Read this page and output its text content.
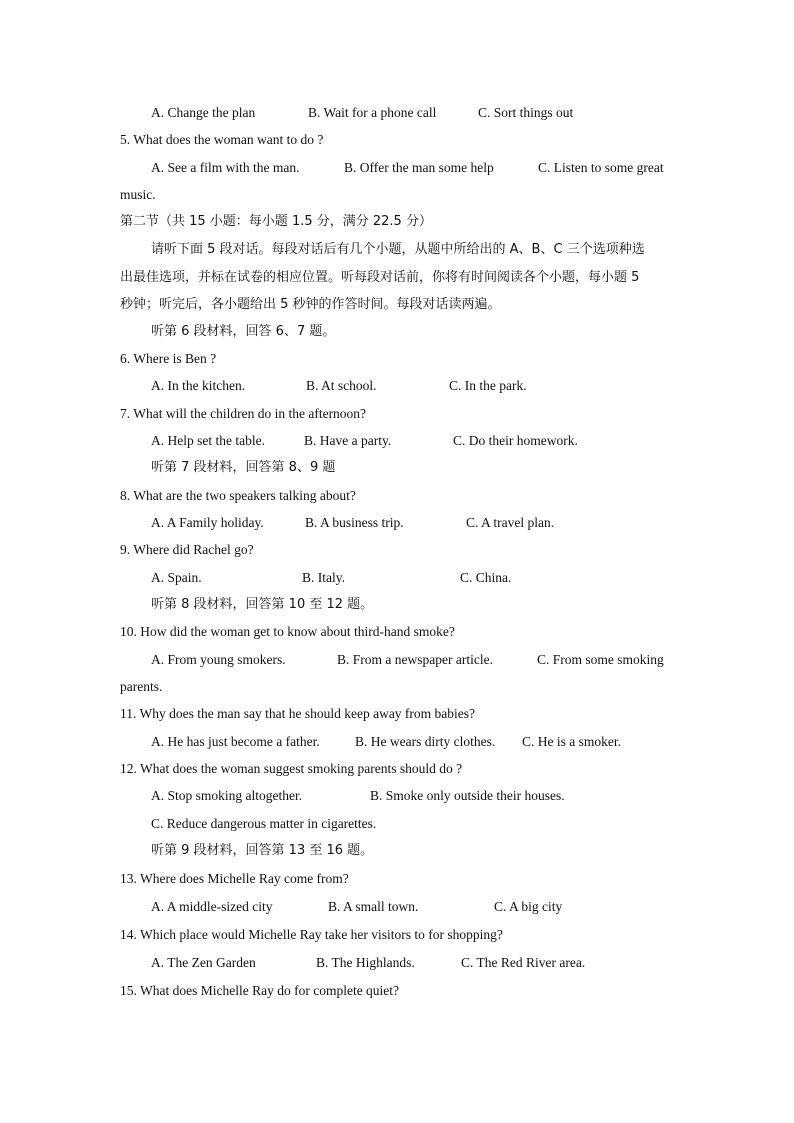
A. Change the plan	B. Wait for a phone call	C. Sort things out
5. What does the woman want to do ?
A. See a film with the man.	B. Offer the man some help	C. Listen to some great
music.
第二节（共 15 小题：每小题 1.5 分，满分 22.5 分）
请听下面 5 段对话。每段对话后有几个小题，从题中所给出的 A、B、C 三个选项种选
出最佳选项，并标在试卷的相应位置。听每段对话前，你将有时间阅读各个小题，每小题 5
秒钟；听完后，各小题给出 5 秒钟的作答时间。每段对话读两遍。
听第 6 段材料，回答 6、7 题。
6. Where is Ben ?
A. In the kitchen.	B. At school.	C. In the park.
7. What will the children do in the afternoon?
A. Help set the table.	B. Have a party.	C. Do their homework.
听第 7 段材料，回答第 8、9 题
8. What are the two speakers talking about?
A. A Family holiday.	B. A business trip.	C. A travel plan.
9. Where did Rachel go?
A. Spain.	B. Italy.	C. China.
听第 8 段材料，回答第 10 至 12 题。
10. How did the woman get to know about third-hand smoke?
A. From young smokers.	B. From a newspaper article.	C. From some smoking
parents.
11. Why does the man say that he should keep away from babies?
A. He has just become a father.	B. He wears dirty clothes. C. He is a smoker.
12. What does the woman suggest smoking parents should do ?
A. Stop smoking altogether.	B. Smoke only outside their houses.
C. Reduce dangerous matter in cigarettes.
听第 9 段材料，回答第 13 至 16 题。
13. Where does Michelle Ray come from?
A. A middle-sized city	B. A small town.	C. A big city
14. Which place would Michelle Ray take her visitors to for shopping?
A. The Zen Garden	B. The Highlands.	C. The Red River area.
15. What does Michelle Ray do for complete quiet?
